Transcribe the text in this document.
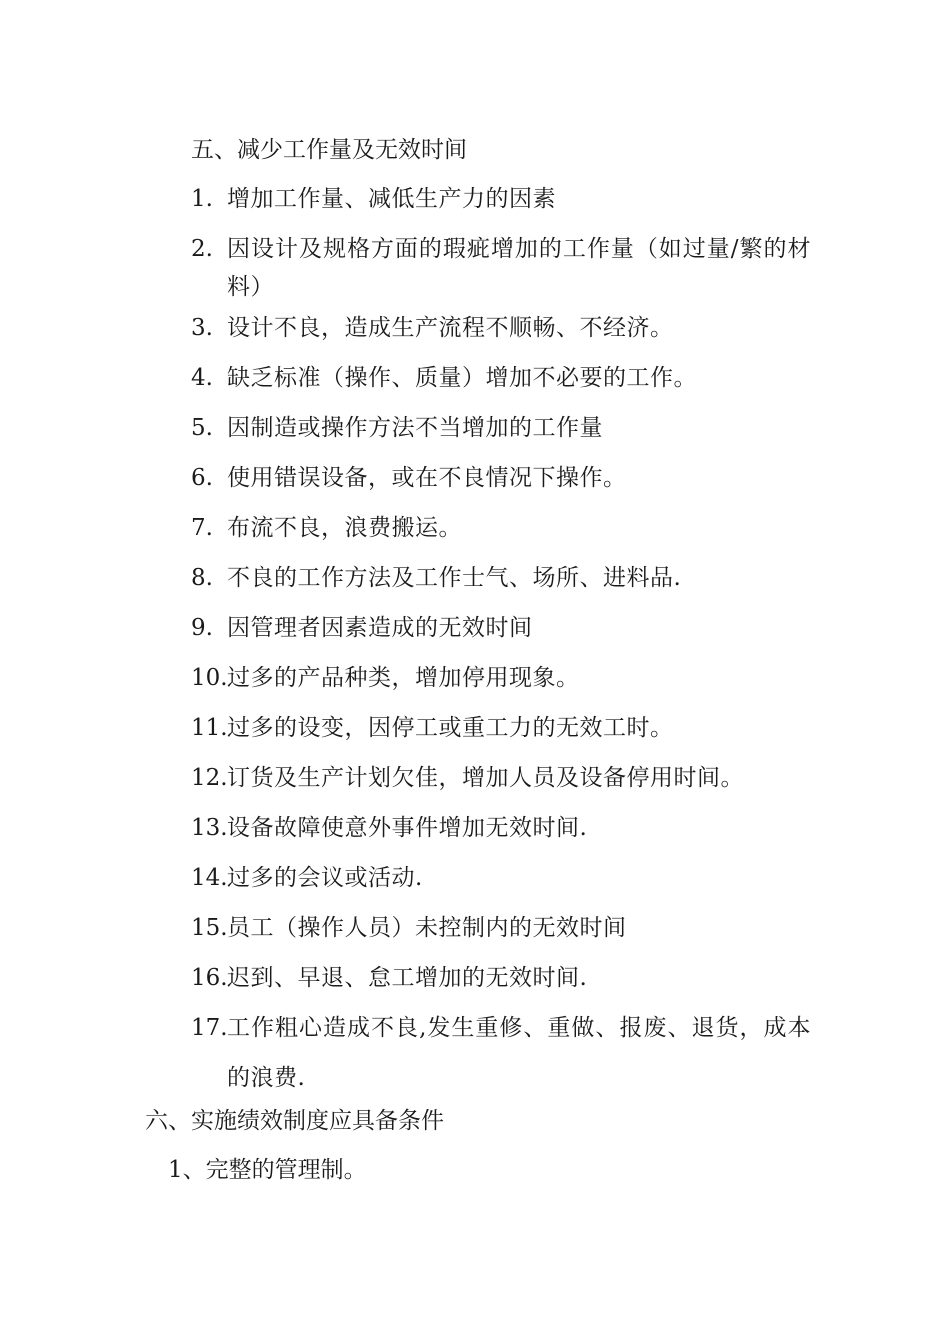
五、减少工作量及无效时间
1. 增加工作量、减低生产力的因素
2. 因设计及规格方面的瑕疵增加的工作量（如过量/繁的材料）
3. 设计不良，造成生产流程不顺畅、不经济。
4. 缺乏标准（操作、质量）增加不必要的工作。
5. 因制造或操作方法不当增加的工作量
6. 使用错误设备，或在不良情况下操作。
7. 布流不良，浪费搬运。
8. 不良的工作方法及工作士气、场所、进料品.
9. 因管理者因素造成的无效时间
10. 过多的产品种类，增加停用现象。
11. 过多的设变，因停工或重工力的无效工时。
12. 订货及生产计划欠佳，增加人员及设备停用时间。
13. 设备故障使意外事件增加无效时间.
14. 过多的会议或活动.
15. 员工（操作人员）未控制内的无效时间
16. 迟到、早退、怠工增加的无效时间.
17. 工作粗心造成不良,发生重修、重做、报废、退货，成本的浪费.
六、实施绩效制度应具备条件
1、完整的管理制。
